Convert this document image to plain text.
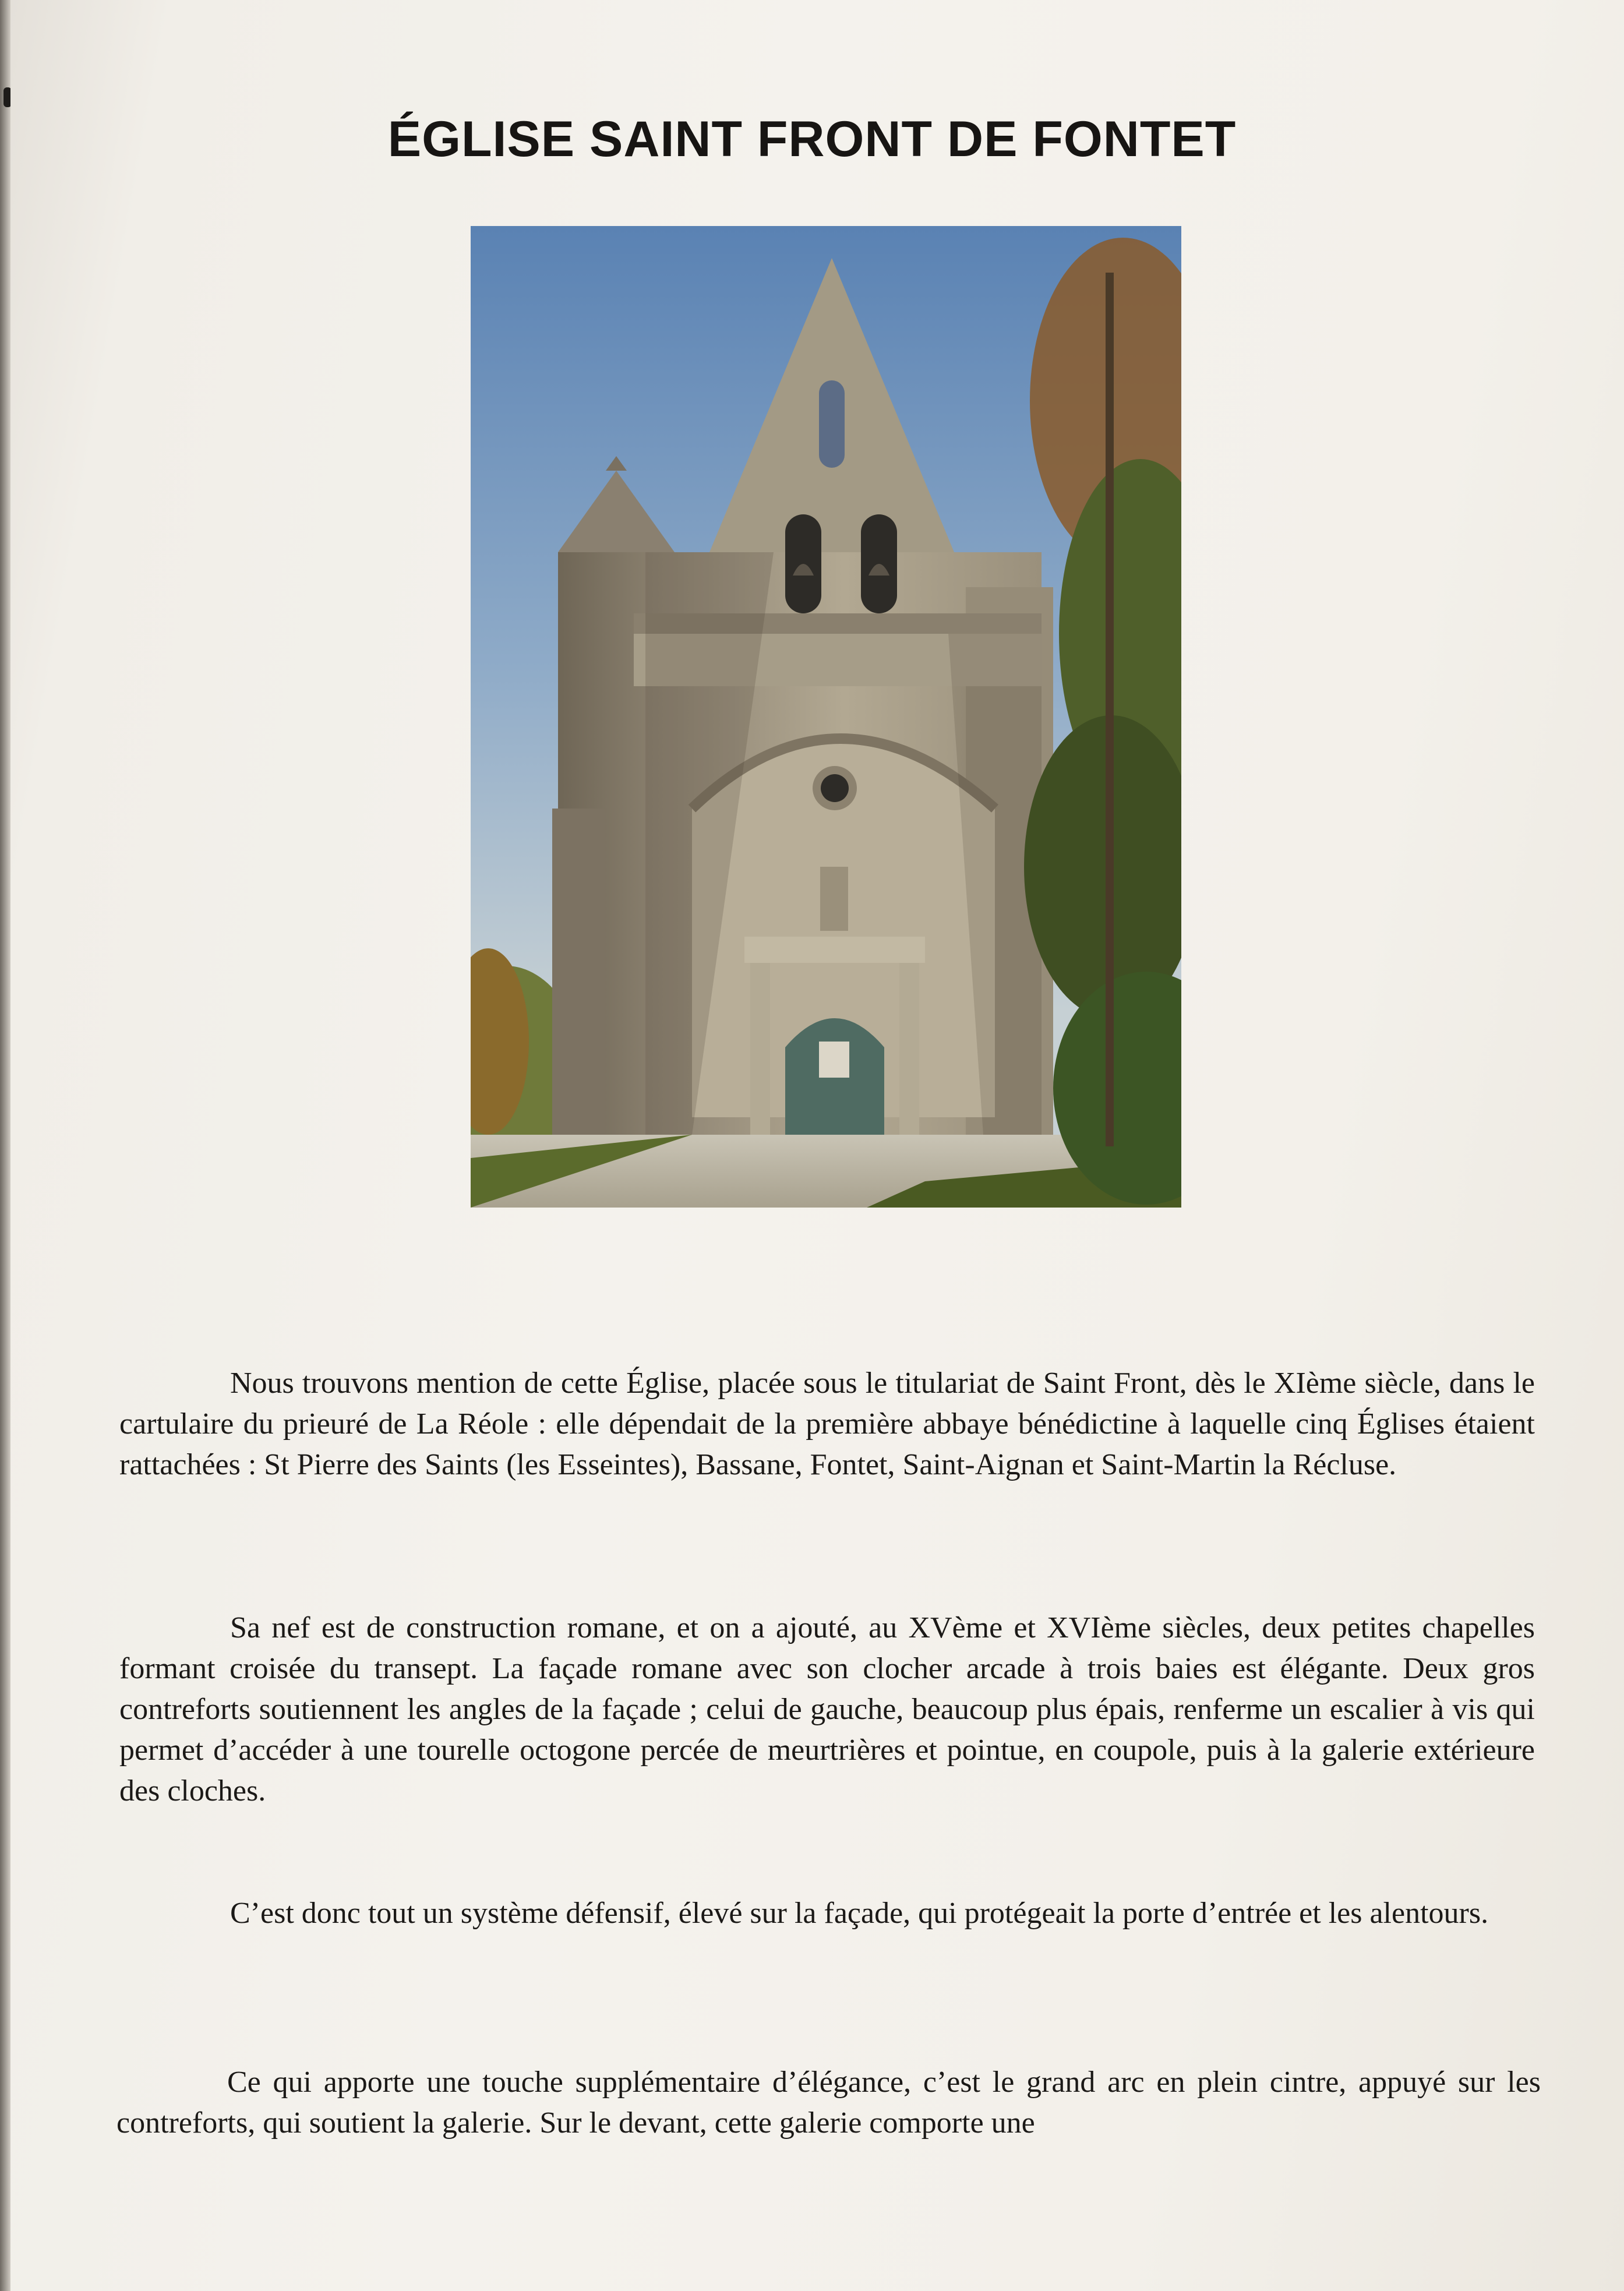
ÉGLISE SAINT FRONT DE FONTET

Nous trouvons mention de cette Église, placée sous le titulariat de Saint Front, dès le XIème siècle, dans le cartulaire du prieuré de La Réole : elle dépendait de la première abbaye bénédictine à laquelle cinq Églises étaient rattachées : St Pierre des Saints (les Esseintes), Bassane, Fontet, Saint-Aignan et Saint-Martin la Récluse.

Sa nef est de construction romane, et on a ajouté, au XVème et XVIème siècles, deux petites chapelles formant croisée du transept. La façade romane avec son clocher arcade à trois baies est élégante. Deux gros contreforts soutiennent les angles de la façade ; celui de gauche, beaucoup plus épais, renferme un escalier à vis qui permet d’accéder à une tourelle octogone percée de meurtrières et pointue, en coupole, puis à la galerie extérieure des cloches.

C’est donc tout un système défensif, élevé sur la façade, qui protégeait la porte d’entrée et les alentours.

Ce qui apporte une touche supplémentaire d’élégance, c’est le grand arc en plein cintre, appuyé sur les contreforts, qui soutient la galerie. Sur le devant, cette galerie comporte une
